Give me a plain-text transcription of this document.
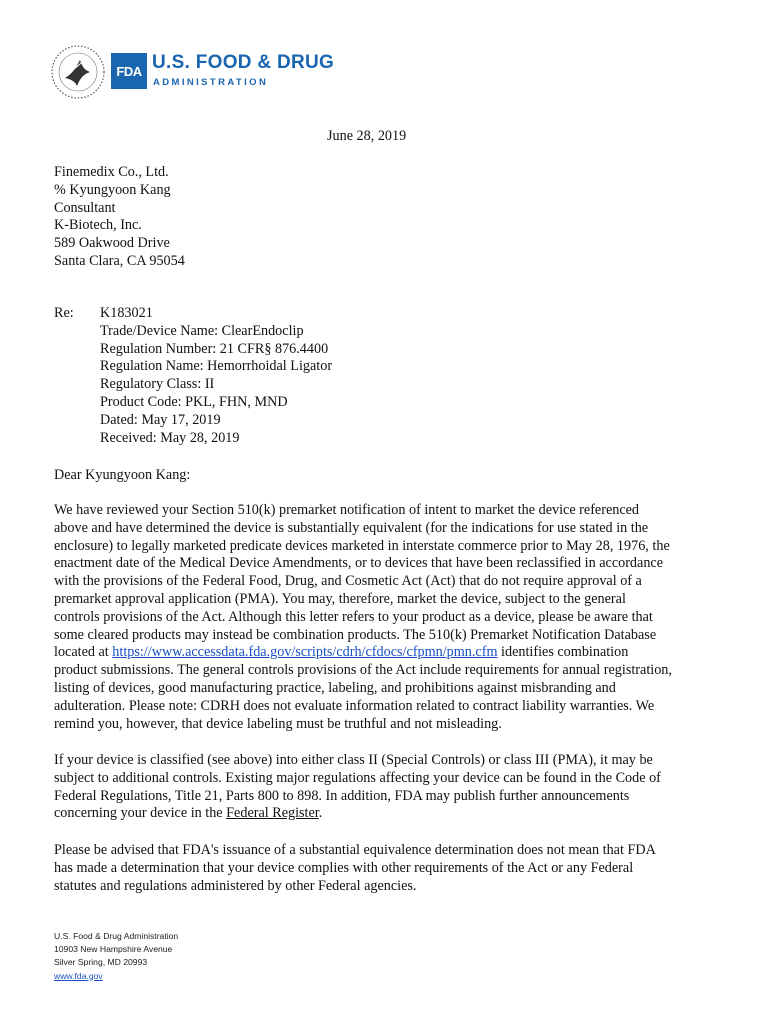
FDA U.S. FOOD & DRUG
ADMINISTRATION
June 28, 2019
Finemedix Co., Ltd.
% Kyungyoon Kang
Consultant
K-Biotech, Inc.
589 Oakwood Drive
Santa Clara, CA 95054
Re: K183021
Trade/Device Name: ClearEndoclip
Regulation Number: 21 CFR§ 876.4400
Regulation Name: Hemorrhoidal Ligator
Regulatory Class: II
Product Code: PKL, FHN, MND
Dated: May 17, 2019
Received: May 28, 2019
Dear Kyungyoon Kang:
We have reviewed your Section 510(k) premarket notification of intent to market the device referenced
above and have determined the device is substantially equivalent (for the indications for use stated in the
enclosure) to legally marketed predicate devices marketed in interstate commerce prior to May 28, 1976, the
enactment date of the Medical Device Amendments, or to devices that have been reclassified in accordance
with the provisions of the Federal Food, Drug, and Cosmetic Act (Act) that do not require approval of a
premarket approval application (PMA). You may, therefore, market the device, subject to the general
controls provisions of the Act. Although this letter refers to your product as a device, please be aware that
some cleared products may instead be combination products. The 510(k) Premarket Notification Database
located at https://www.accessdata.fda.gov/scripts/cdrh/cfdocs/cfpmn/pmn.cfm identifies combination
product submissions. The general controls provisions of the Act include requirements for annual registration,
listing of devices, good manufacturing practice, labeling, and prohibitions against misbranding and
adulteration. Please note: CDRH does not evaluate information related to contract liability warranties. We
remind you, however, that device labeling must be truthful and not misleading.
If your device is classified (see above) into either class II (Special Controls) or class III (PMA), it may be
subject to additional controls. Existing major regulations affecting your device can be found in the Code of
Federal Regulations, Title 21, Parts 800 to 898. In addition, FDA may publish further announcements
concerning your device in the Federal Register.
Please be advised that FDA's issuance of a substantial equivalence determination does not mean that FDA
has made a determination that your device complies with other requirements of the Act or any Federal
statutes and regulations administered by other Federal agencies.
U.S. Food & Drug Administration
10903 New Hampshire Avenue
Silver Spring, MD 20993
www.fda.gov
